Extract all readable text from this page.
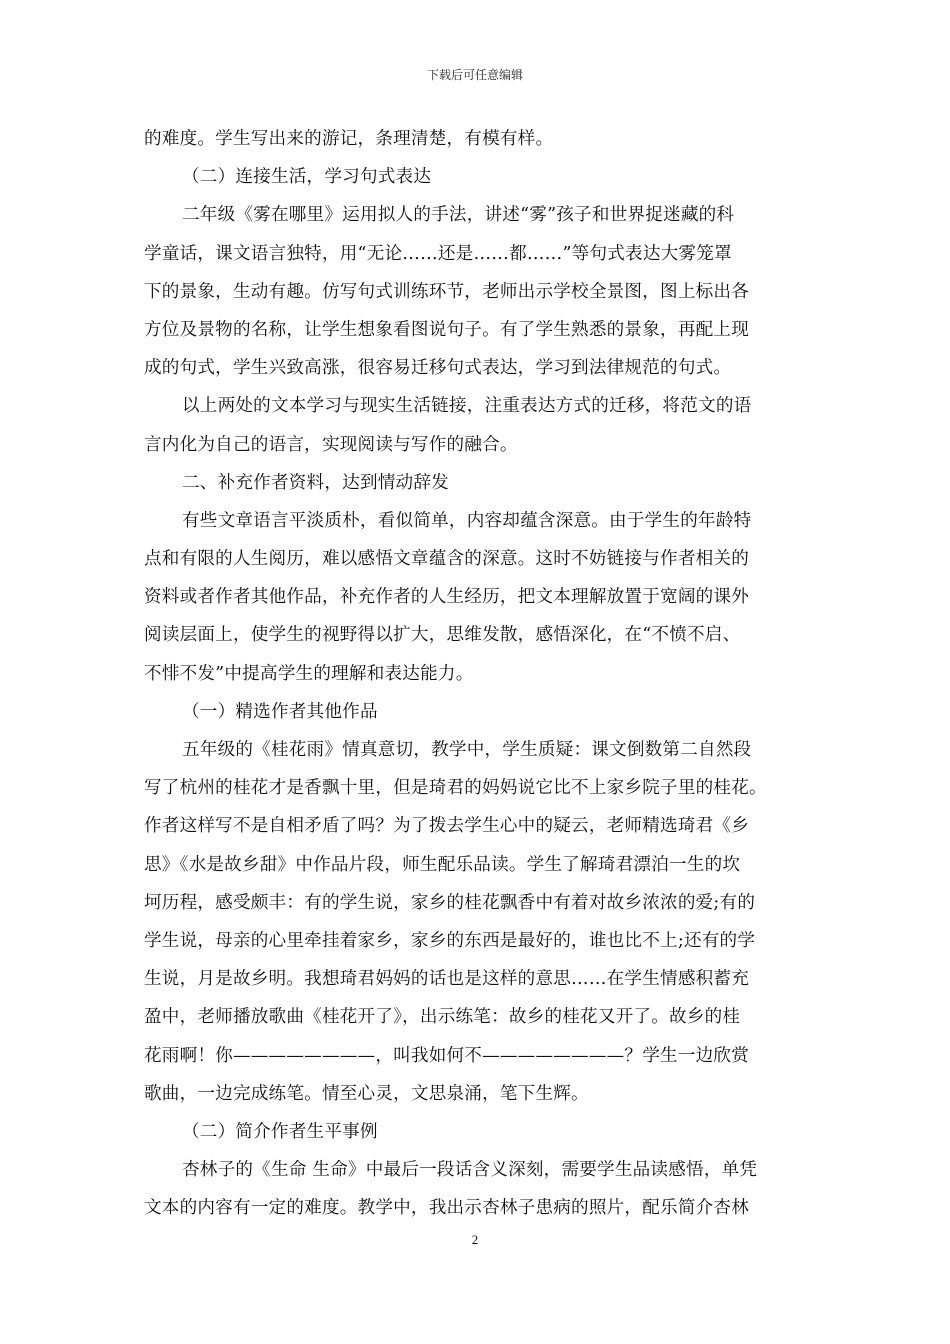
下载后可任意编辑
的难度。学生写出来的游记，条理清楚，有模有样。
（二）连接生活，学习句式表达
二年级《雾在哪里》运用拟人的手法，讲述“雾”孩子和世界捉迷藏的科
学童话，课文语言独特，用“无论……还是……都……”等句式表达大雾笼罩
下的景象，生动有趣。仿写句式训练环节，老师出示学校全景图，图上标出各
方位及景物的名称，让学生想象看图说句子。有了学生熟悉的景象，再配上现
成的句式，学生兴致高涨，很容易迁移句式表达，学习到法律规范的句式。
以上两处的文本学习与现实生活链接，注重表达方式的迁移，将范文的语
言内化为自己的语言，实现阅读与写作的融合。
二、补充作者资料，达到情动辞发
有些文章语言平淡质朴，看似简单，内容却蕴含深意。由于学生的年龄特
点和有限的人生阅历，难以感悟文章蕴含的深意。这时不妨链接与作者相关的
资料或者作者其他作品，补充作者的人生经历，把文本理解放置于宽阔的课外
阅读层面上，使学生的视野得以扩大，思维发散，感悟深化，在“不愤不启、
不悱不发”中提高学生的理解和表达能力。
（一）精选作者其他作品
五年级的《桂花雨》情真意切，教学中，学生质疑：课文倒数第二自然段
写了杭州的桂花才是香飘十里，但是琦君的妈妈说它比不上家乡院子里的桂花。
作者这样写不是自相矛盾了吗？为了拨去学生心中的疑云，老师精选琦君《乡
思》《水是故乡甜》中作品片段，师生配乐品读。学生了解琦君漂泊一生的坎
坷历程，感受颇丰：有的学生说，家乡的桂花飘香中有着对故乡浓浓的爱;有的
学生说，母亲的心里牵挂着家乡，家乡的东西是最好的，谁也比不上;还有的学
生说，月是故乡明。我想琦君妈妈的话也是这样的意思……在学生情感积蓄充
盈中，老师播放歌曲《桂花开了》，出示练笔：故乡的桂花又开了。故乡的桂
花雨啊！你————————，叫我如何不————————？学生一边欣赏
歌曲，一边完成练笔。情至心灵，文思泉涌，笔下生辉。
（二）简介作者生平事例
杏林子的《生命 生命》中最后一段话含义深刻，需要学生品读感悟，单凭
文本的内容有一定的难度。教学中，我出示杏林子患病的照片，配乐简介杏林
2
